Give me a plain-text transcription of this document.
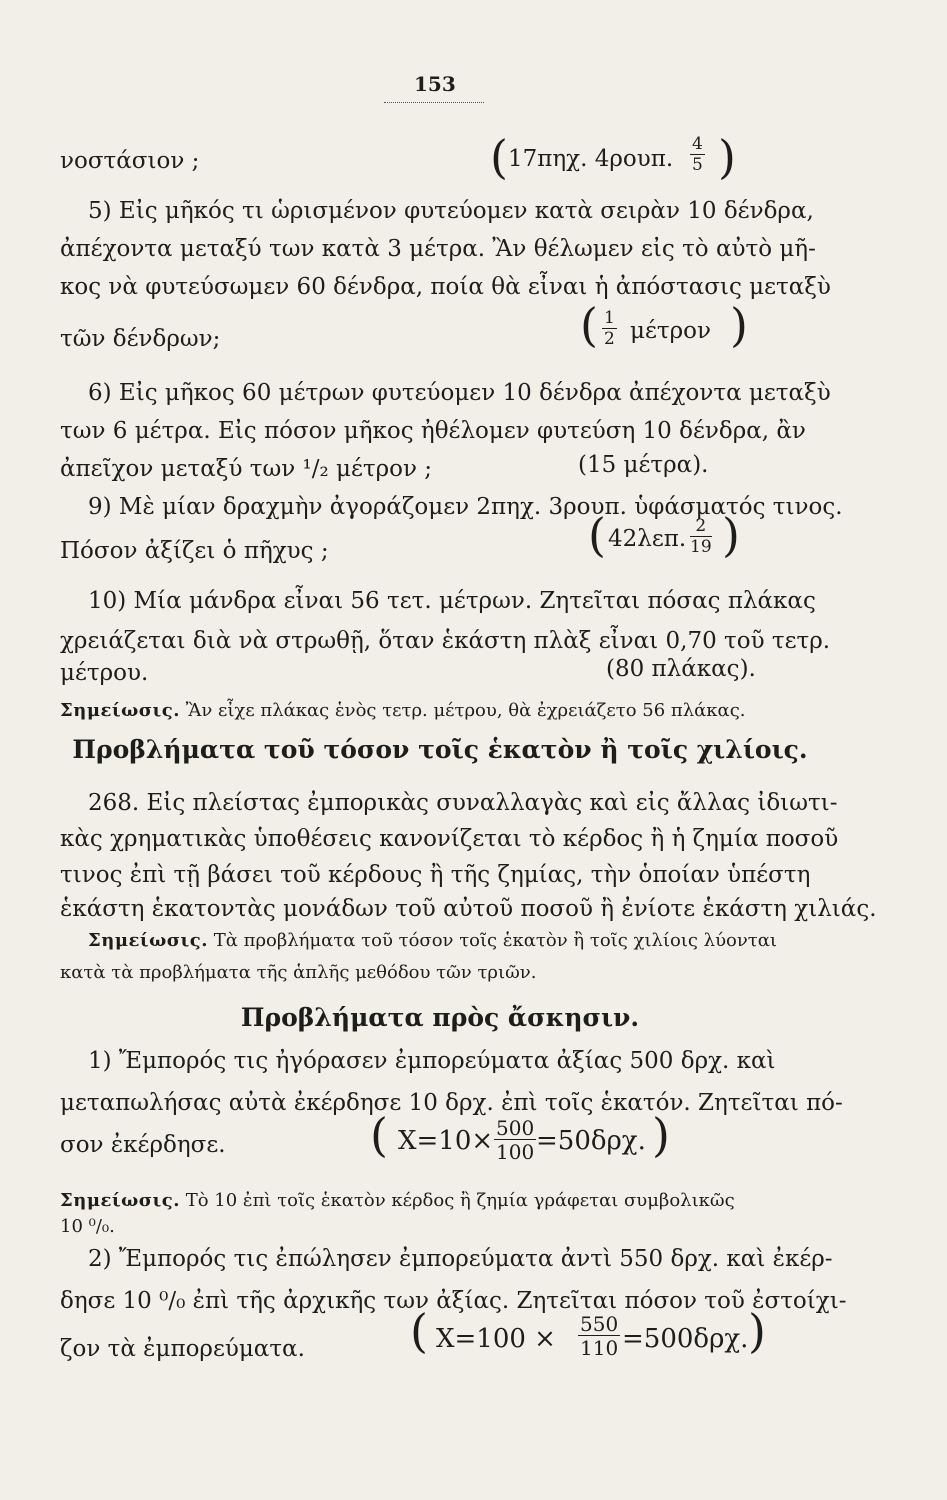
153
νοστάσιον ;	( 17πηχ. 4ρουπ. $\frac{4}{5}$ )
5) Εἰς μῆκός τι ὡρισμένον φυτεύομεν κατὰ σειρὰν 10 δένδρα,
ἀπέχοντα μεταξύ των κατὰ 3 μέτρα. Ἂν θέλωμεν εἰς τὸ αὐτὸ μῆ-
κος νὰ φυτεύσωμεν 60 δένδρα, ποία θὰ εἶναι ἡ ἀπόστασις μεταξὺ
τῶν δένδρων;	( $\frac{1}{2}$ μέτρον )
6) Εἰς μῆκος 60 μέτρων φυτεύομεν 10 δένδρα ἀπέχοντα μεταξὺ
των 6 μέτρα. Εἰς πόσον μῆκος ἠθέλομεν φυτεύση 10 δένδρα, ἂν
ἀπεῖχον μεταξύ των ¹/₂ μέτρον ;	(15 μέτρα).
9) Μὲ μίαν δραχμὴν ἀγοράζομεν 2πηχ. 3ρουπ. ὑφάσματός τινος.
Πόσον ἀξίζει ὁ πῆχυς ;	( 42λεπ. $\frac{2}{19}$ )
10) Μία μάνδρα εἶναι 56 τετ. μέτρων. Ζητεῖται πόσας πλάκας
χρειάζεται διὰ νὰ στρωθῇ, ὅταν ἑκάστη πλὰξ εἶναι 0,70 τοῦ τετρ.
μέτρου.	(80 πλάκας).
Σημείωσις. Ἂν εἶχε πλάκας ἑνὸς τετρ. μέτρου, θὰ ἐχρειάζετο 56 πλάκας.
Προβλήματα τοῦ τόσον τοῖς ἑκατὸν ἢ τοῖς χιλίοις.
268. Εἰς πλείστας ἐμπορικὰς συναλλαγὰς καὶ εἰς ἄλλας ἰδιωτι-
κὰς χρηματικὰς ὑποθέσεις κανονίζεται τὸ κέρδος ἢ ἡ ζημία ποσοῦ
τινος ἐπὶ τῇ βάσει τοῦ κέρδους ἢ τῆς ζημίας, τὴν ὁποίαν ὑπέστη
ἑκάστη ἑκατοντὰς μονάδων τοῦ αὐτοῦ ποσοῦ ἢ ἐνίοτε ἑκάστη χιλιάς.
Σημείωσις. Τὰ προβλήματα τοῦ τόσον τοῖς ἑκατὸν ἢ τοῖς χιλίοις λύονται
κατὰ τὰ προβλήματα τῆς ἁπλῆς μεθόδου τῶν τριῶν.
Προβλήματα πρὸς ἄσκησιν.
1) Ἔμπορός τις ἠγόρασεν ἐμπορεύματα ἀξίας 500 δρχ. καὶ
μεταπωλήσας αὐτὰ ἐκέρδησε 10 δρχ. ἐπὶ τοῖς ἑκατόν. Ζητεῖται πό-
σον ἐκέρδησε.	( $X=10\times \frac{500}{100} =50\delta\rho\chi$. )
Σημείωσις. Τὸ 10 ἐπὶ τοῖς ἑκατὸν κέρδος ἢ ζημία γράφεται συμβολικῶς
10 ⁰/₀.
2) Ἔμπορός τις ἐπώλησεν ἐμπορεύματα ἀντὶ 550 δρχ. καὶ ἐκέρ-
δησε 10 ⁰/₀ ἐπὶ τῆς ἀρχικῆς των ἀξίας. Ζητεῖται πόσον τοῦ ἐστοίχι-
ζον τὰ ἐμπορεύματα.	( $X=100 \times \frac{550}{110} =500\delta\rho\chi$. )
